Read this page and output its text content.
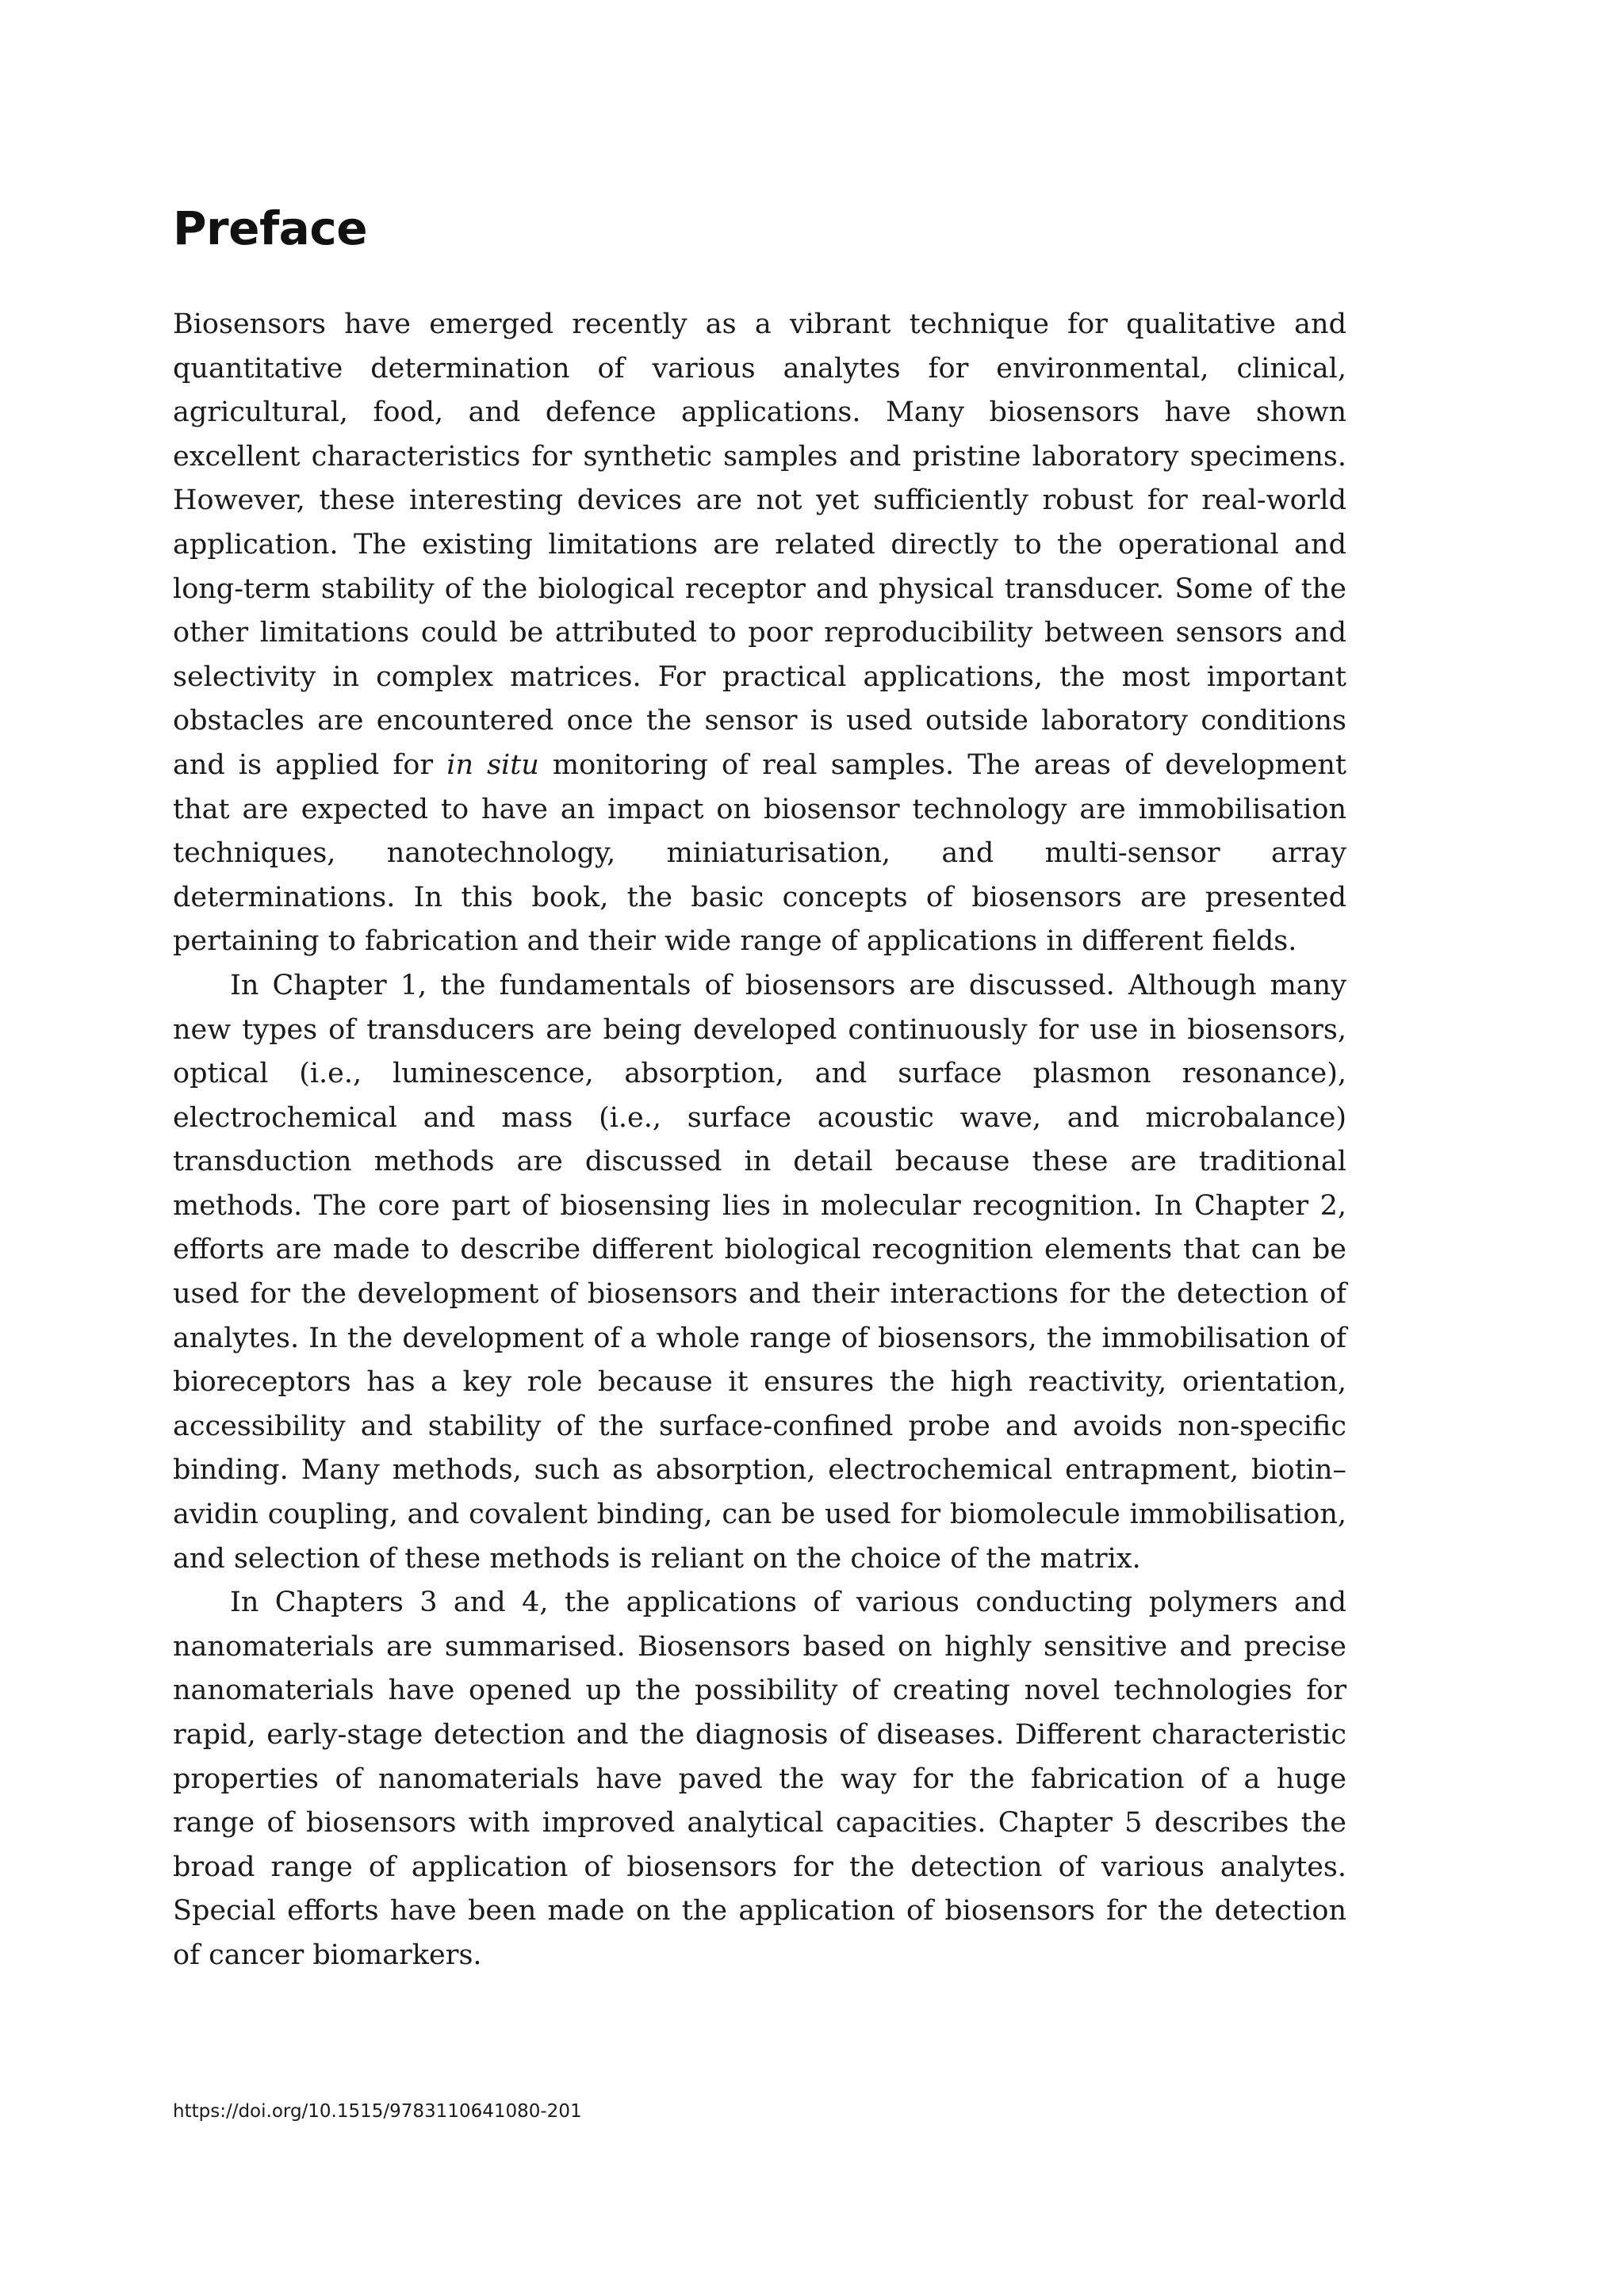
Preface

Biosensors have emerged recently as a vibrant technique for qualitative and quantitative determination of various analytes for environmental, clinical, agricultural, food, and defence applications. Many biosensors have shown excellent characteristics for synthetic samples and pristine laboratory specimens. However, these interesting devices are not yet sufficiently robust for real-world application. The existing limitations are related directly to the operational and long-term stability of the biological receptor and physical transducer. Some of the other limitations could be attributed to poor reproducibility between sensors and selectivity in complex matrices. For practical applications, the most important obstacles are encountered once the sensor is used outside laboratory conditions and is applied for in situ monitoring of real samples. The areas of development that are expected to have an impact on biosensor technology are immobilisation techniques, nanotechnology, miniaturisation, and multi-sensor array determinations. In this book, the basic concepts of biosensors are presented pertaining to fabrication and their wide range of applications in different fields.

In Chapter 1, the fundamentals of biosensors are discussed. Although many new types of transducers are being developed continuously for use in biosensors, optical (i.e., luminescence, absorption, and surface plasmon resonance), electrochemical and mass (i.e., surface acoustic wave, and microbalance) transduction methods are discussed in detail because these are traditional methods. The core part of biosensing lies in molecular recognition. In Chapter 2, efforts are made to describe different biological recognition elements that can be used for the development of biosensors and their interactions for the detection of analytes. In the development of a whole range of biosensors, the immobilisation of bioreceptors has a key role because it ensures the high reactivity, orientation, accessibility and stability of the surface-confined probe and avoids non-specific binding. Many methods, such as absorption, electrochemical entrapment, biotin–avidin coupling, and covalent binding, can be used for biomolecule immobilisation, and selection of these methods is reliant on the choice of the matrix.

In Chapters 3 and 4, the applications of various conducting polymers and nanomaterials are summarised. Biosensors based on highly sensitive and precise nanomaterials have opened up the possibility of creating novel technologies for rapid, early-stage detection and the diagnosis of diseases. Different characteristic properties of nanomaterials have paved the way for the fabrication of a huge range of biosensors with improved analytical capacities. Chapter 5 describes the broad range of application of biosensors for the detection of various analytes. Special efforts have been made on the application of biosensors for the detection of cancer biomarkers.

https://doi.org/10.1515/9783110641080-201
